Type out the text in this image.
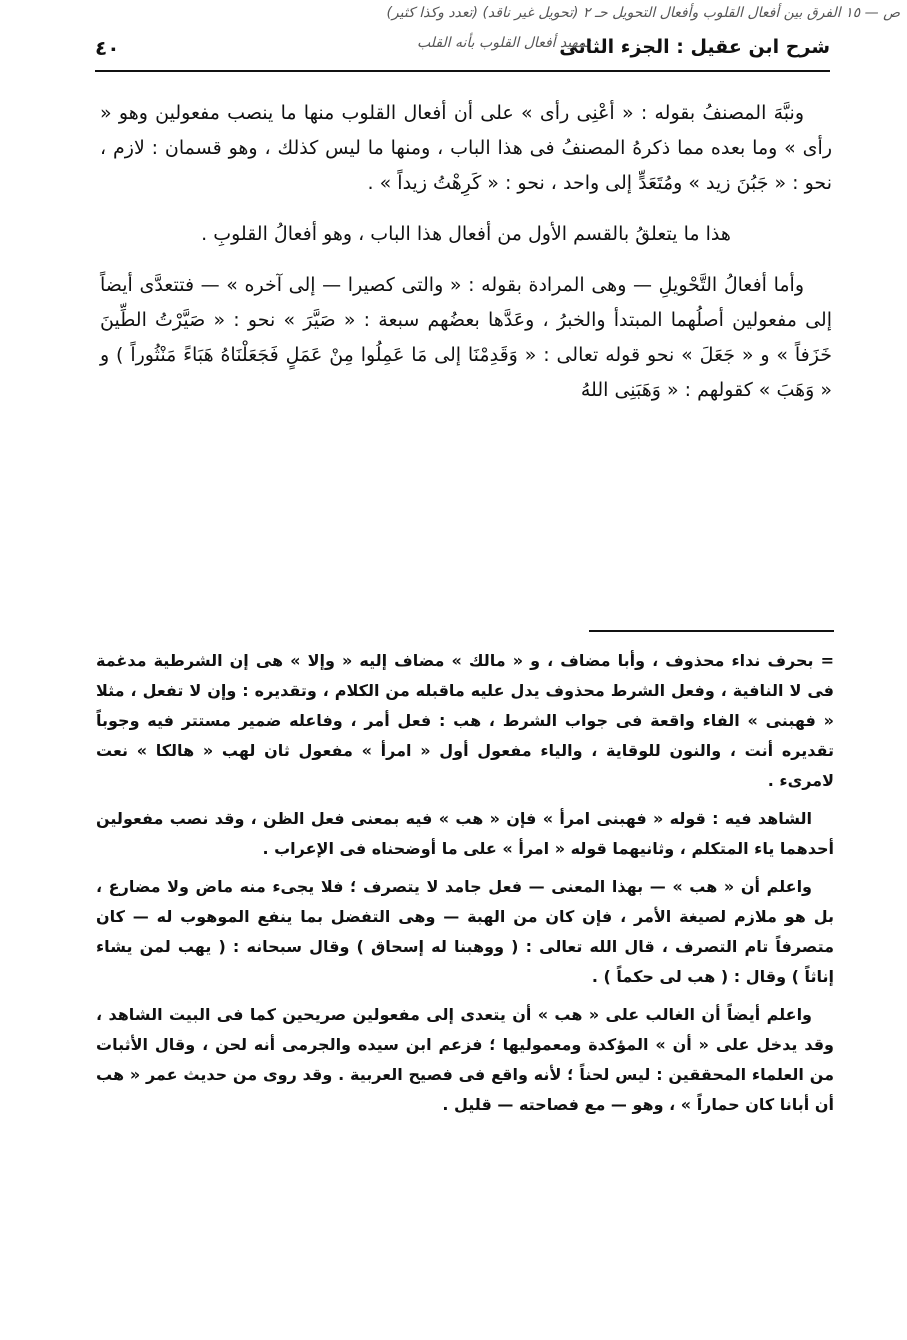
ص — ١٥ الفرق بين أفعال القلوب وأفعال التحويل حـ ٢ (تحويل غير ناقد) (تعدد وكذا كثير)
تمهيد أفعال القلوب بأنه القلب
شرح ابن عقيل : الجزء الثانى
٤٠

ونبَّهَ المصنفُ بقوله : « أعْنِى رأى » على أن أفعال القلوب منها ما ينصب مفعولين وهو « رأى » وما بعده مما ذكرهُ المصنفُ فى هذا الباب ، ومنها ما ليس كذلك ، وهو قسمان : لازم ، نحو : « جَبُنَ زيد » ومُتَعَدٍّ إلى واحد ، نحو : « كَرِهْتُ زيداً » .

هذا ما يتعلقُ بالقسم الأول من أفعال هذا الباب ، وهو أفعالُ القلوبِ .

وأما أفعالُ التَّحْويلِ — وهى المرادة بقوله : « والتى كصيرا — إلى آخره » — فتتعدَّى أيضاً إلى مفعولين أصلُهما المبتدأ والخبرُ ، وعَدَّها بعضُهم سبعة : « صَيَّرَ » نحو : « صَيَّرْتُ الطِّينَ خَزَفاً » و « جَعَلَ » نحو قوله تعالى : « وَقَدِمْنَا إلى مَا عَمِلُوا مِنْ عَمَلٍ فَجَعَلْنَاهُ هَبَاءً مَنْثُوراً ) و « وَهَبَ » كقولهم : « وَهَبَنِى اللهُ

= بحرف نداء محذوف ، وأبا مضاف ، و « مالك » مضاف إليه « وإلا » هى إن الشرطية مدغمة فى لا النافية ، وفعل الشرط محذوف يدل عليه ماقبله من الكلام ، وتقديره : وإن لا تفعل ، مثلا « فهبنى » الفاء واقعة فى جواب الشرط ، هب : فعل أمر ، وفاعله ضمير مستتر فيه وجوباً تقديره أنت ، والنون للوقاية ، والياء مفعول أول « امرأ » مفعول ثان لهب « هالكا » نعت لامرىء .

الشاهد فيه : قوله « فهبنى امرأ » فإن « هب » فيه بمعنى فعل الظن ، وقد نصب مفعولين أحدهما ياء المتكلم ، وثانيهما قوله « امرأ » على ما أوضحناه فى الإعراب .

واعلم أن « هب » — بهذا المعنى — فعل جامد لا يتصرف ؛ فلا يجىء منه ماض ولا مضارع ، بل هو ملازم لصيغة الأمر ، فإن كان من الهبة — وهى التفضل بما ينفع الموهوب له — كان متصرفاً تام التصرف ، قال الله تعالى : ( ووهبنا له إسحاق ) وقال سبحانه : ( يهب لمن يشاء إناثاً ) وقال : ( هب لى حكماً ) .

واعلم أيضاً أن الغالب على « هب » أن يتعدى إلى مفعولين صريحين كما فى البيت الشاهد ، وقد يدخل على « أن » المؤكدة ومعموليها ؛ فزعم ابن سيده والجرمى أنه لحن ، وقال الأثبات من العلماء المحققين : ليس لحناً ؛ لأنه واقع فى فصيح العربية . وقد روى من حديث عمر « هب أن أبانا كان حماراً » ، وهو — مع فصاحته — قليل .
